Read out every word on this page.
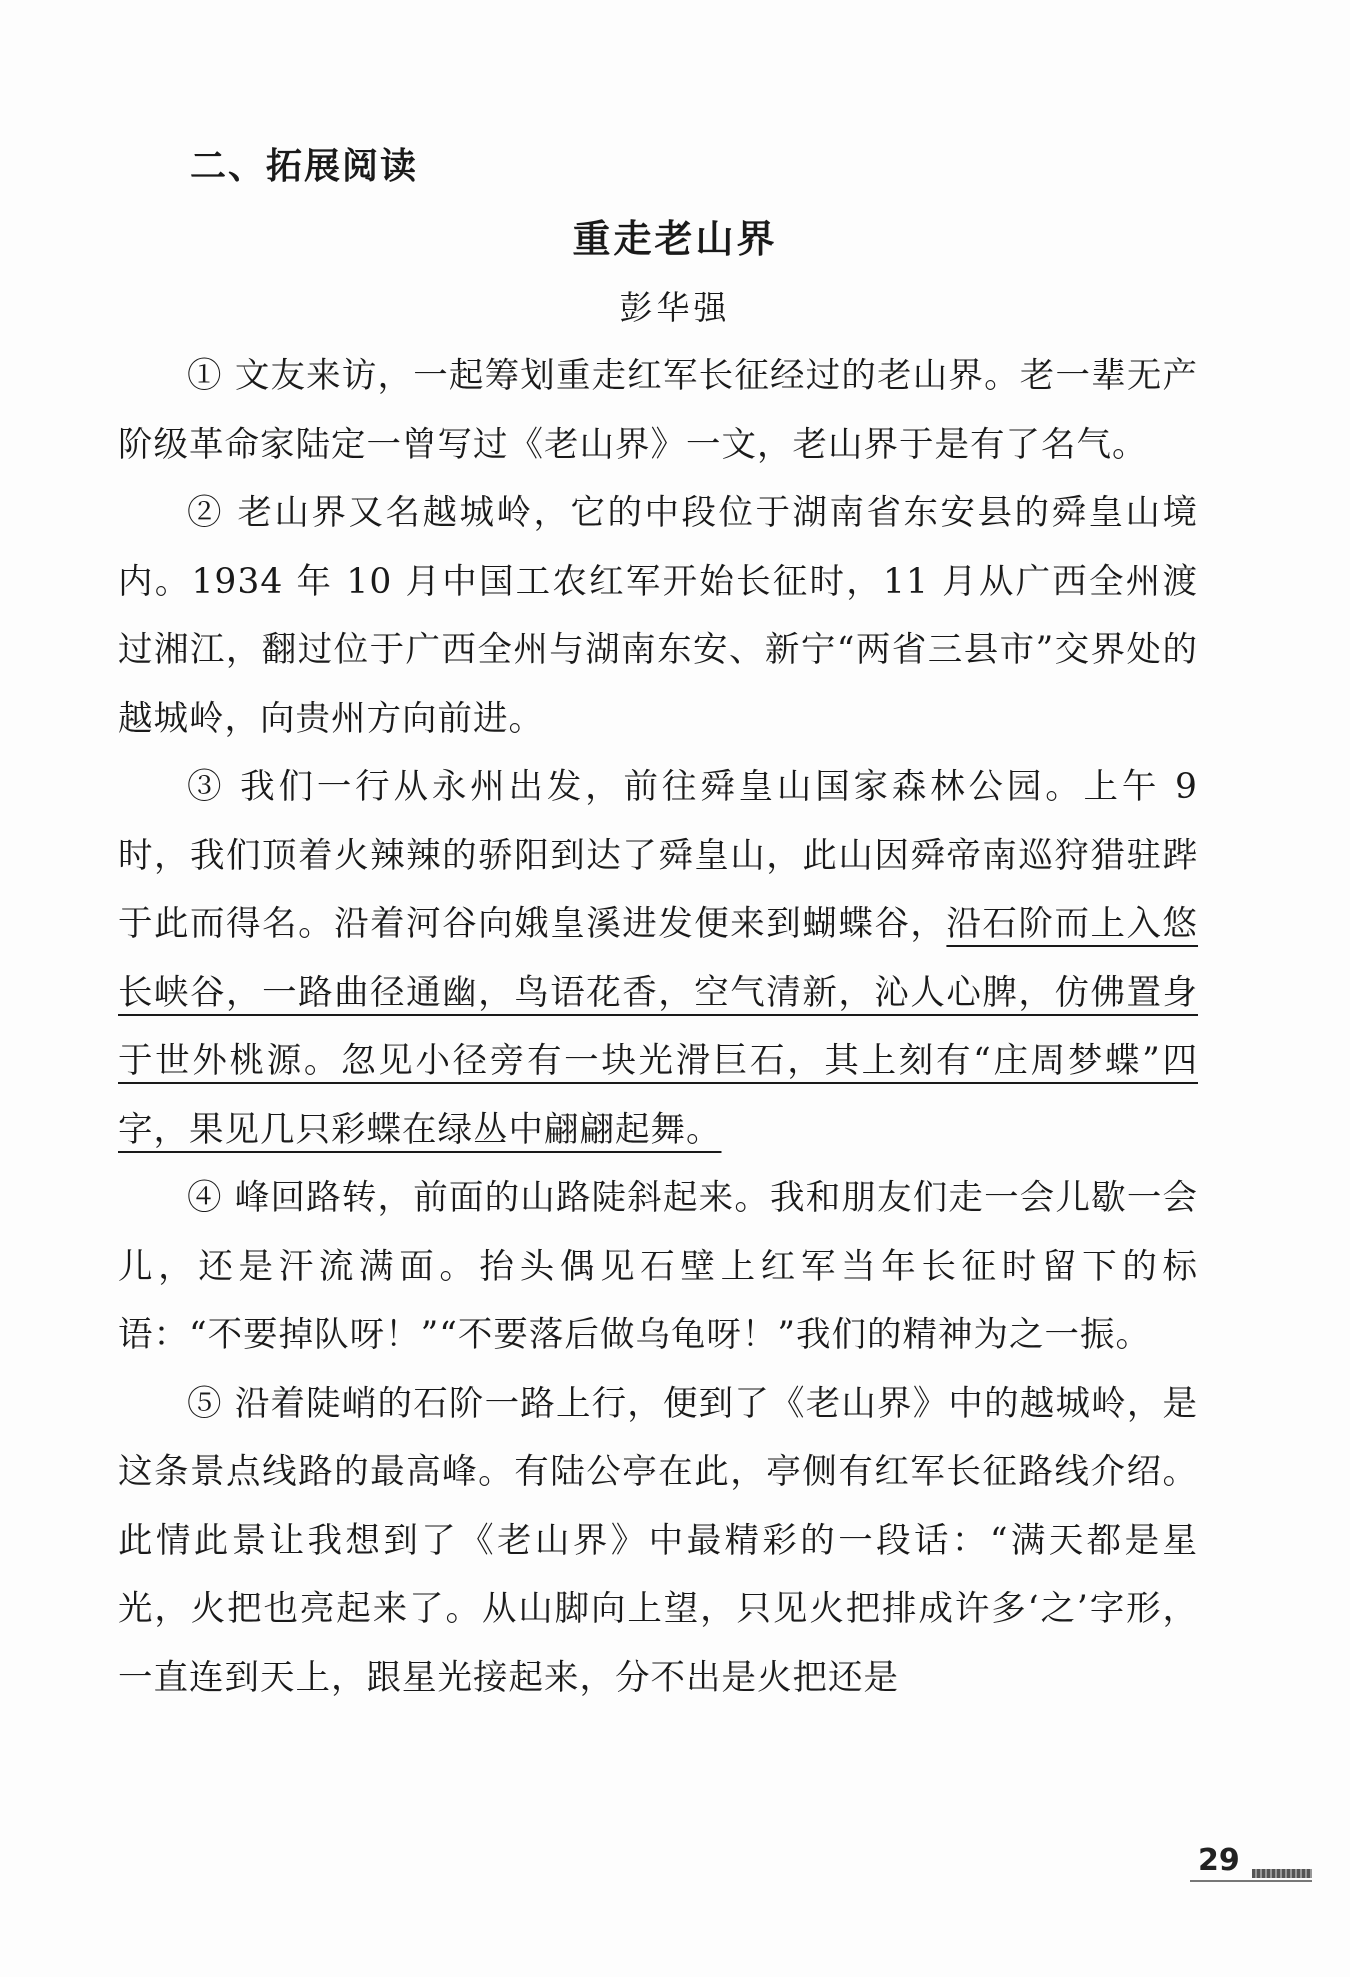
二、拓展阅读
重走老山界
彭华强

① 文友来访，一起筹划重走红军长征经过的老山界。老一辈无产阶级革命家陆定一曾写过《老山界》一文，老山界于是有了名气。

② 老山界又名越城岭，它的中段位于湖南省东安县的舜皇山境内。1934 年 10 月中国工农红军开始长征时，11 月从广西全州渡过湘江，翻过位于广西全州与湖南东安、新宁“两省三县市”交界处的越城岭，向贵州方向前进。

③ 我们一行从永州出发，前往舜皇山国家森林公园。上午 9 时，我们顶着火辣辣的骄阳到达了舜皇山，此山因舜帝南巡狩猎驻跸于此而得名。沿着河谷向娥皇溪进发便来到蝴蝶谷，沿石阶而上入悠长峡谷，一路曲径通幽，鸟语花香，空气清新，沁人心脾，仿佛置身于世外桃源。忽见小径旁有一块光滑巨石，其上刻有“庄周梦蝶”四字，果见几只彩蝶在绿丛中翩翩起舞。

④ 峰回路转，前面的山路陡斜起来。我和朋友们走一会儿歇一会儿，还是汗流满面。抬头偶见石壁上红军当年长征时留下的标语：“不要掉队呀！”“不要落后做乌龟呀！”我们的精神为之一振。

⑤ 沿着陡峭的石阶一路上行，便到了《老山界》中的越城岭，是这条景点线路的最高峰。有陆公亭在此，亭侧有红军长征路线介绍。此情此景让我想到了《老山界》中最精彩的一段话：“满天都是星光，火把也亮起来了。从山脚向上望，只见火把排成许多‘之’字形，一直连到天上，跟星光接起来，分不出是火把还是

29
